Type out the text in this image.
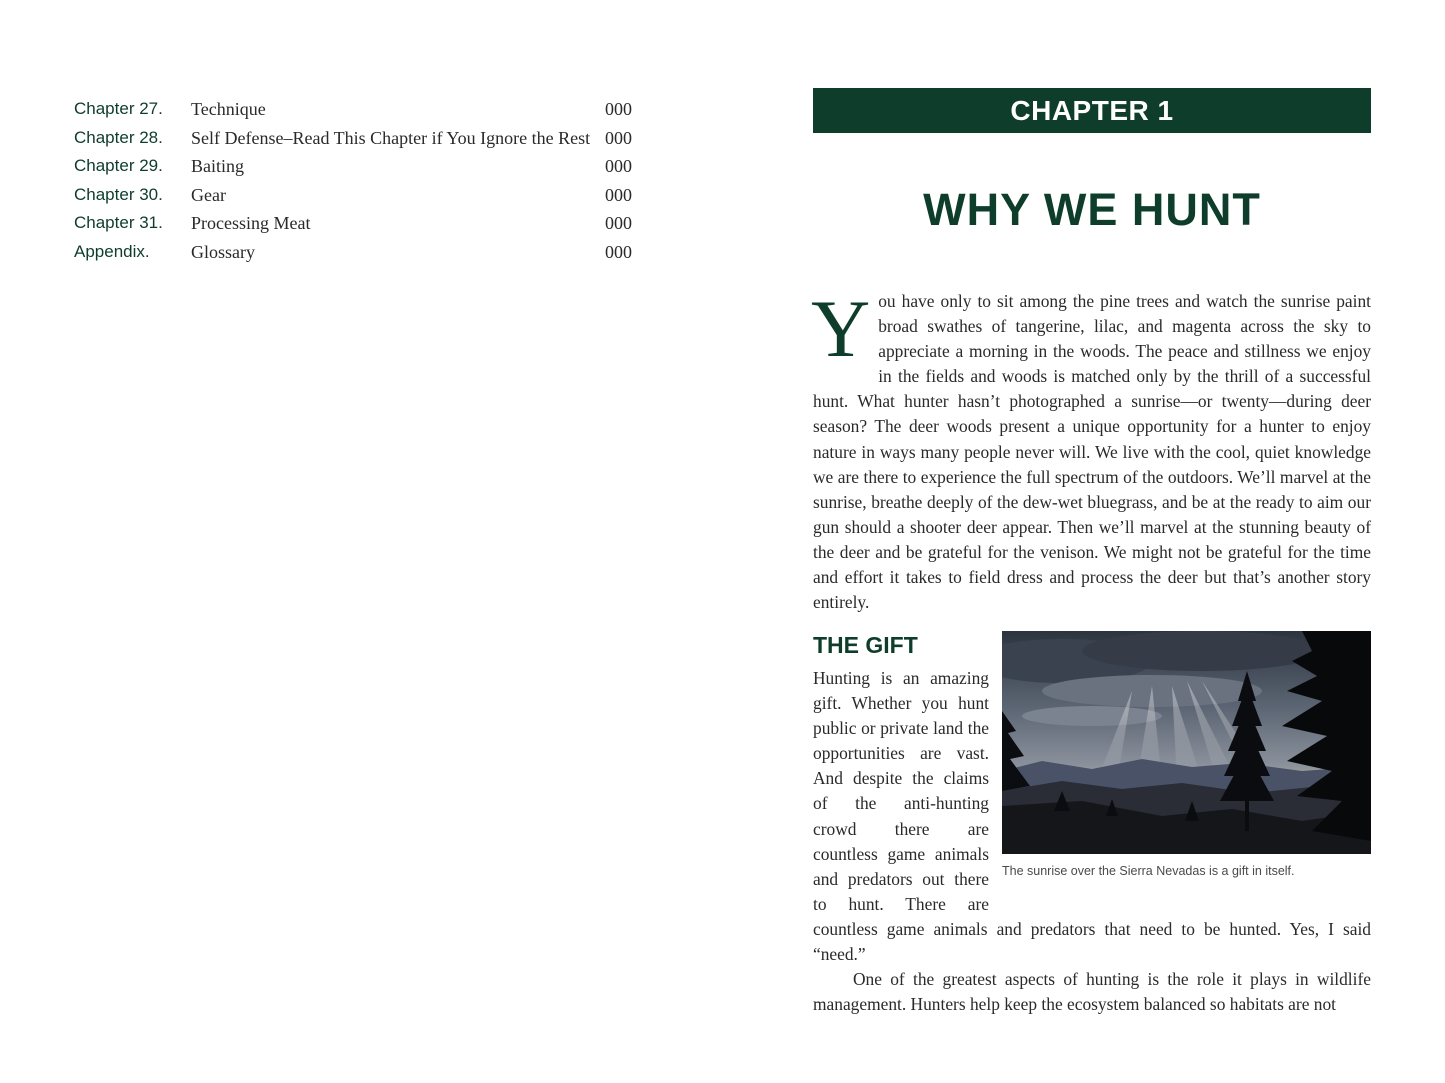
Chapter 27. Technique	000
Chapter 28. Self Defense–Read This Chapter if You Ignore the Rest 000
Chapter 29. Baiting	000
Chapter 30. Gear	000
Chapter 31. Processing Meat	000
Appendix. Glossary	000
CHAPTER 1
WHY WE HUNT

You have only to sit among the pine trees and watch the sunrise paint broad swathes of tangerine, lilac, and magenta across the sky to appreciate a morning in the woods. The peace and stillness we enjoy in the fields and woods is matched only by the thrill of a successful hunt. What hunter hasn’t photographed a sunrise—or twenty—during deer season? The deer woods present a unique opportunity for a hunter to enjoy nature in ways many people never will. We live with the cool, quiet knowledge we are there to experience the full spectrum of the outdoors. We’ll marvel at the sunrise, breathe deeply of the dew-wet bluegrass, and be at the ready to aim our gun should a shooter deer appear. Then we’ll marvel at the stunning beauty of the deer and be grateful for the venison. We might not be grateful for the time and effort it takes to field dress and process the deer but that’s another story entirely.

THE GIFT

Hunting is an amazing gift. Whether you hunt public or private land the opportunities are vast. And despite the claims of the anti-hunting crowd there are countless game animals and predators out there to hunt. There are countless game animals and predators that need to be hunted. Yes, I said “need.”

One of the greatest aspects of hunting is the role it plays in wildlife management. Hunters help keep the ecosystem balanced so habitats are not

The sunrise over the Sierra Nevadas is a gift in itself.
